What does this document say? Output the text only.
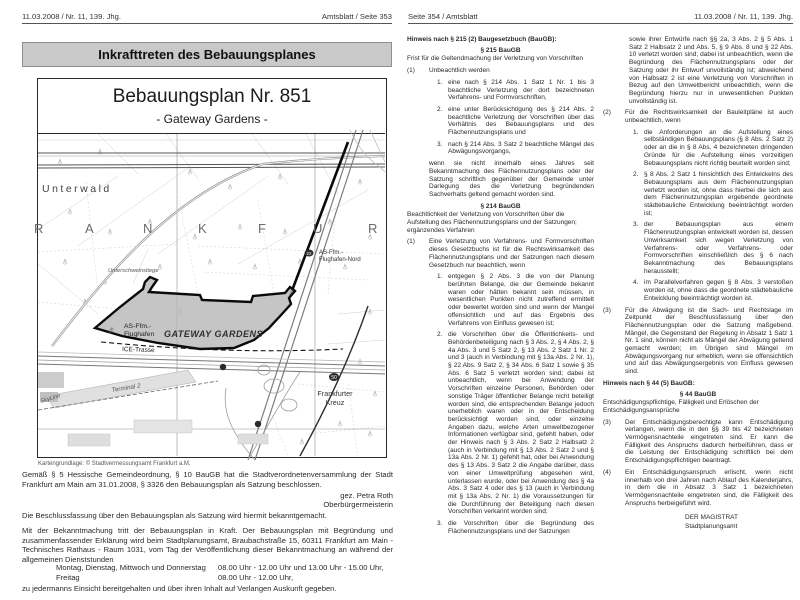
11.03.2008 / Nr. 11, 139. Jhg.	Amtsblatt / Seite 353
Inkrafttreten des Bebauungsplanes
Bebauungsplan Nr. 851
- Gateway Gardens -
Unterwald
R	A	N	K	F	U	R
Unterschweinstiege
AS-Ffm.-
Flughafen-Nord
22
AS-Ffm.-
Flughafen GATEWAY GARDENS
ICE-Trasse
Str.
Terminal 2
SkyLine	Frankfurter
Kreuz
50
Kartengrundlage: © Stadtvermessungsamt Frankfurt a.M.
Gemäß § 5 Hessische Gemeindeordnung, § 10 BauGB hat die Stadtverordnetenversammlung der Stadt Frankfurt am Main am 31.01.2008, § 3326 den Bebauungsplan als Satzung beschlossen.
gez. Petra Roth
Oberbürgermeisterin
Die Beschlussfassung über den Bebauungsplan als Satzung wird hiermit bekanntgemacht.
Mit der Bekanntmachung tritt der Bebauungsplan in Kraft. Der Bebauungsplan mit Begründung und zusammenfassender Erklärung wird beim Stadtplanungsamt, Braubachstraße 15, 60311 Frankfurt am Main - Technisches Rathaus - Raum 1031, vom Tag der Veröffentlichung dieser Bekanntmachung an während der allgemeinen Dienststunden
Montag, Dienstag, Mittwoch und Donnerstag 08.00 Uhr - 12.00 Uhr und 13.00 Uhr - 15.00 Uhr,
Freitag	08.00 Uhr - 12.00 Uhr,
zu jedermanns Einsicht bereitgehalten und über ihren Inhalt auf Verlangen Auskunft gegeben.
Seite 354 / Amtsblatt	11.03.2008 / Nr. 11, 139. Jhg.
Hinweis nach § 215 (2) Baugesetzbuch (BauGB):
§ 215 BauGB
Frist für die Geltendmachung der Verletzung von Vorschriften
(1)	Unbeachtlich werden
1. eine nach § 214 Abs. 1 Satz 1 Nr. 1 bis 3 beachtliche Verletzung der dort bezeichneten Verfahrens- und Formvorschriften,
2. eine unter Berücksichtigung des § 214 Abs. 2 beachtliche Verletzung der Vorschriften über das Verhältnis des Bebauungsplans und des Flächennutzungsplans und
3. nach § 214 Abs. 3 Satz 2 beachtliche Mängel des Abwägungsvorgangs,
wenn sie nicht innerhalb eines Jahres seit Bekanntmachung des Flächennutzungsplans oder der Satzung schriftlich gegenüber der Gemeinde unter Darlegung des die Verletzung begründenden Sachverhalts geltend gemacht worden sind.
§ 214 BauGB
Beachtlichkeit der Verletzung von Vorschriften über die Aufstellung des Flächennutzungsplans und der Satzungen; ergänzendes Verfahren
(1)	Eine Verletzung von Verfahrens- und Formvorschriften dieses Gesetzbuchs ist für die Rechtswirksamkeit des Flächennutzungsplans und der Satzungen nach diesem Gesetzbuch nur beachtlich, wenn
1. entgegen § 2 Abs. 3 die von der Planung berührten Belange, die der Gemeinde bekannt waren oder hätten bekannt sein müssen, in wesentlichen Punkten nicht zutreffend ermittelt oder bewertet worden sind und wenn der Mangel offensichtlich und auf das Ergebnis des Verfahrens von Einfluss gewesen ist;
2. die Vorschriften über die Öffentlichkeits- und Behördenbeteiligung nach § 3 Abs. 2, § 4 Abs. 2, § 4a Abs. 3 und 5 Satz 2, § 13 Abs. 2 Satz 1 Nr. 2 und 3 (auch in Verbindung mit § 13a Abs. 2 Nr. 1), § 22 Abs. 9 Satz 2, § 34 Abs. 6 Satz 1 sowie § 35 Abs. 6 Satz 5 verletzt worden sind; dabei ist unbeachtlich, wenn bei Anwendung der Vorschriften einzelne Personen, Behörden oder sonstige Träger öffentlicher Belange nicht beteiligt worden sind, die entsprechenden Belange jedoch unerheblich waren oder in der Entscheidung berücksichtigt worden sind, oder einzelne Angaben dazu, welche Arten umweltbezogener Informationen verfügbar sind, gefehlt haben, oder der Hinweis nach § 3 Abs. 2 Satz 2 Halbsatz 2 (auch in Verbindung mit § 13 Abs. 2 Satz 2 und § 13a Abs. 2 Nr. 1) gefehlt hat, oder bei Anwendung des § 13 Abs. 3 Satz 2 die Angabe darüber, dass von einer Umweltprüfung abgesehen wird, unterlassen wurde, oder bei Anwendung des § 4a Abs. 3 Satz 4 oder des § 13 (auch in Verbindung mit § 13a Abs. 2 Nr. 1) die Voraussetzungen für die Durchführung der Beteiligung nach diesen Vorschriften verkannt worden sind;
3. die Vorschriften über die Begründung des Flächennutzungsplans und der Satzungen
sowie ihrer Entwürfe nach §§ 2a, 3 Abs. 2 § 5 Abs. 1 Satz 2 Halbsatz 2 und Abs. 5, § 9 Abs. 8 und § 22 Abs. 10 verletzt worden sind; dabei ist unbeachtlich, wenn die Begründung des Flächennutzungsplans oder der Satzung oder ihr Entwurf unvollständig ist; abweichend von Halbsatz 2 ist eine Verletzung von Vorschriften in Bezug auf den Umweltbericht unbeachtlich, wenn die Begründung hierzu nur in unwesentlichen Punkten unvollständig ist.
(2)	Für die Rechtswirksamkeit der Bauleitpläne ist auch unbeachtlich, wenn
1. die Anforderungen an die Aufstellung eines selbständigen Bebauungsplans (§ 8 Abs. 2 Satz 2) oder an die in § 8 Abs. 4 bezeichneten dringenden Gründe für die Aufstellung eines vorzeitigen Bebauungsplans nicht richtig beurteilt worden sind;
2. § 8 Abs. 2 Satz 1 hinsichtlich des Entwickelns des Bebauungsplans aus dem Flächennutzungsplan verletzt worden ist, ohne dass hierbei die sich aus dem Flächennutzungsplan ergebende geordnete städtebauliche Entwicklung beeinträchtigt worden ist;
3. der Bebauungsplan aus einem Flächennutzungsplan entwickelt worden ist, dessen Unwirksamkeit sich wegen Verletzung von Verfahrens- oder Verfahrens- oder Formvorschriften einschließlich des § 6 nach Bekanntmachung des Bebauungsplans herausstellt;
4. im Parallelverfahren gegen § 8 Abs. 3 verstoßen worden ist, ohne dass die geordnete städtebauliche Entwicklung beeinträchtigt worden ist.
(3)	Für die Abwägung ist die Sach- und Rechtslage im Zeitpunkt der Beschlussfassung über den Flächennutzungsplan oder die Satzung maßgebend. Mängel, die Gegenstand der Regelung in Absatz 1 Satz 1 Nr. 1 sind, können nicht als Mängel der Abwägung geltend gemacht werden; im Übrigen sind Mängel im Abwägungsvorgang nur erheblich, wenn sie offensichtlich und auf das Abwägungsergebnis von Einfluss gewesen sind.
Hinweis nach § 44 (5) BauGB:
§ 44 BauGB
Entschädigungspflichtige, Fälligkeit und Erlöschen der Entschädigungsansprüche
(3)	Der Entschädigungsberechtigte kann Entschädigung verlangen, wenn die in den §§ 39 bis 42 bezeichneten Vermögensnachteile eingetreten sind. Er kann die Fälligkeit des Anspruchs dadurch herbeiführen, dass er die Leistung der Entschädigung schriftlich bei dem Entschädigungspflichtigen beantragt.
(4)	Ein Entschädigungsanspruch erlischt, wenn nicht innerhalb von drei Jahren nach Ablauf des Kalenderjahrs, in dem die in Absatz 3 Satz 1 bezeichneten Vermögensnachteile eingetreten sind, die Fälligkeit des Anspruchs herbeigeführt wird.
DER MAGISTRAT
Stadtplanungsamt
